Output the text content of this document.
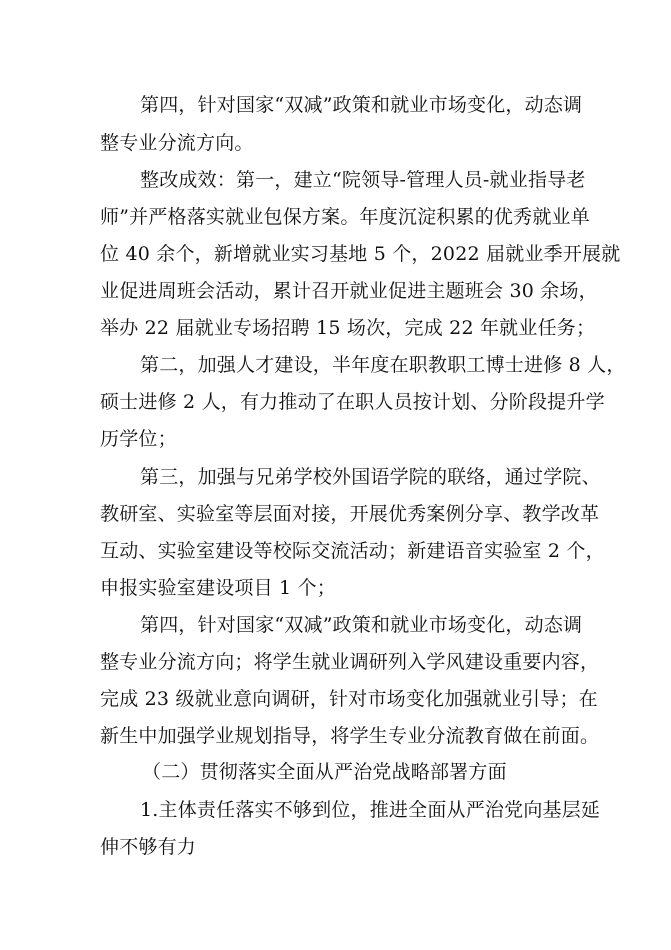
第四，针对国家“双减”政策和就业市场变化，动态调
整专业分流方向。
整改成效：第一，建立“院领导-管理人员-就业指导老
师”并严格落实就业包保方案。年度沉淀积累的优秀就业单
位 40 余个，新增就业实习基地 5 个，2022 届就业季开展就
业促进周班会活动，累计召开就业促进主题班会 30 余场，
举办 22 届就业专场招聘 15 场次，完成 22 年就业任务；
第二，加强人才建设，半年度在职教职工博士进修 8 人，
硕士进修 2 人，有力推动了在职人员按计划、分阶段提升学
历学位；
第三，加强与兄弟学校外国语学院的联络，通过学院、
教研室、实验室等层面对接，开展优秀案例分享、教学改革
互动、实验室建设等校际交流活动；新建语音实验室 2 个，
申报实验室建设项目 1 个；
第四，针对国家“双减”政策和就业市场变化，动态调
整专业分流方向；将学生就业调研列入学风建设重要内容，
完成 23 级就业意向调研，针对市场变化加强就业引导；在
新生中加强学业规划指导，将学生专业分流教育做在前面。
（二）贯彻落实全面从严治党战略部署方面
1.主体责任落实不够到位，推进全面从严治党向基层延
伸不够有力
